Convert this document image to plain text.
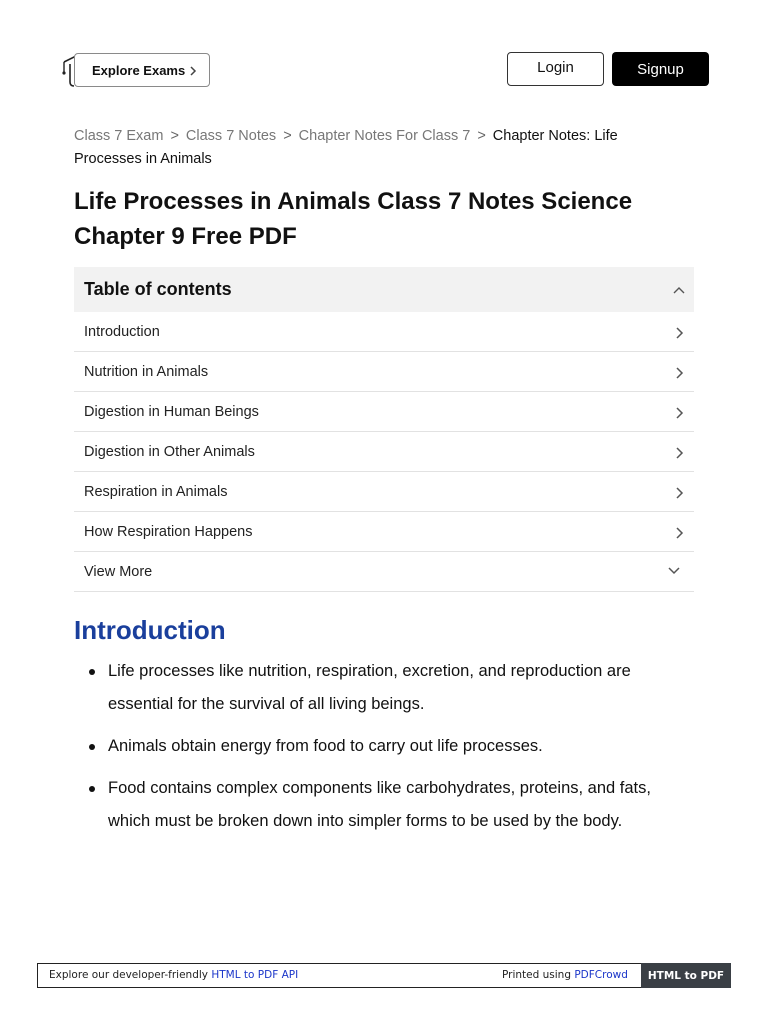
Explore Exams	Login	Signup
Class 7 Exam > Class 7 Notes > Chapter Notes For Class 7 > Chapter Notes: Life Processes in Animals
Life Processes in Animals Class 7 Notes Science Chapter 9 Free PDF
Table of contents
Introduction
Nutrition in Animals
Digestion in Human Beings
Digestion in Other Animals
Respiration in Animals
How Respiration Happens
View More
Introduction
Life processes like nutrition, respiration, excretion, and reproduction are essential for the survival of all living beings.
Animals obtain energy from food to carry out life processes.
Food contains complex components like carbohydrates, proteins, and fats, which must be broken down into simpler forms to be used by the body.
Explore our developer-friendly HTML to PDF API	Printed using PDFCrowd	HTML to PDF
